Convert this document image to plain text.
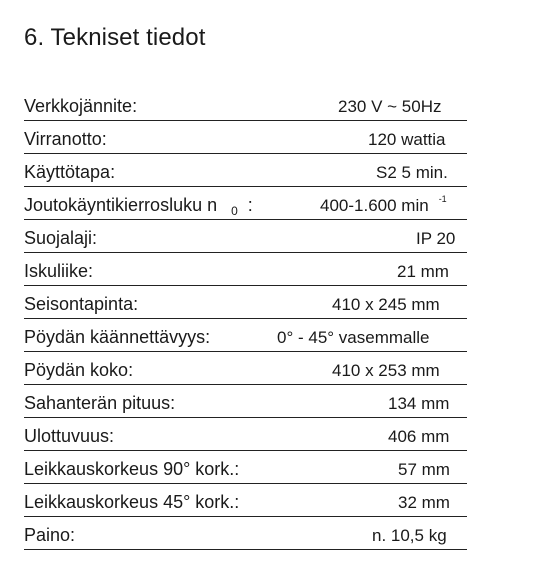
6. Tekniset tiedot
Verkkojännite:	230 V ~ 50Hz
Virranotto:	120 wattia
Käyttötapa:	S2 5 min.
Joutokäyntikierrosluku n $_0$ :	400-1.600 min $^{-1}$
Suojalaji:	IP 20
Iskuliike:	21 mm
Seisontapinta:	410 x 245 mm
Pöydän käännettävyys:	0° - 45° vasemmalle
Pöydän koko:	410 x 253 mm
Sahanterän pituus:	134 mm
Ulottuvuus:	406 mm
Leikkauskorkeus 90° kork.:	57 mm
Leikkauskorkeus 45° kork.:	32 mm
Paino:	n. 10,5 kg
